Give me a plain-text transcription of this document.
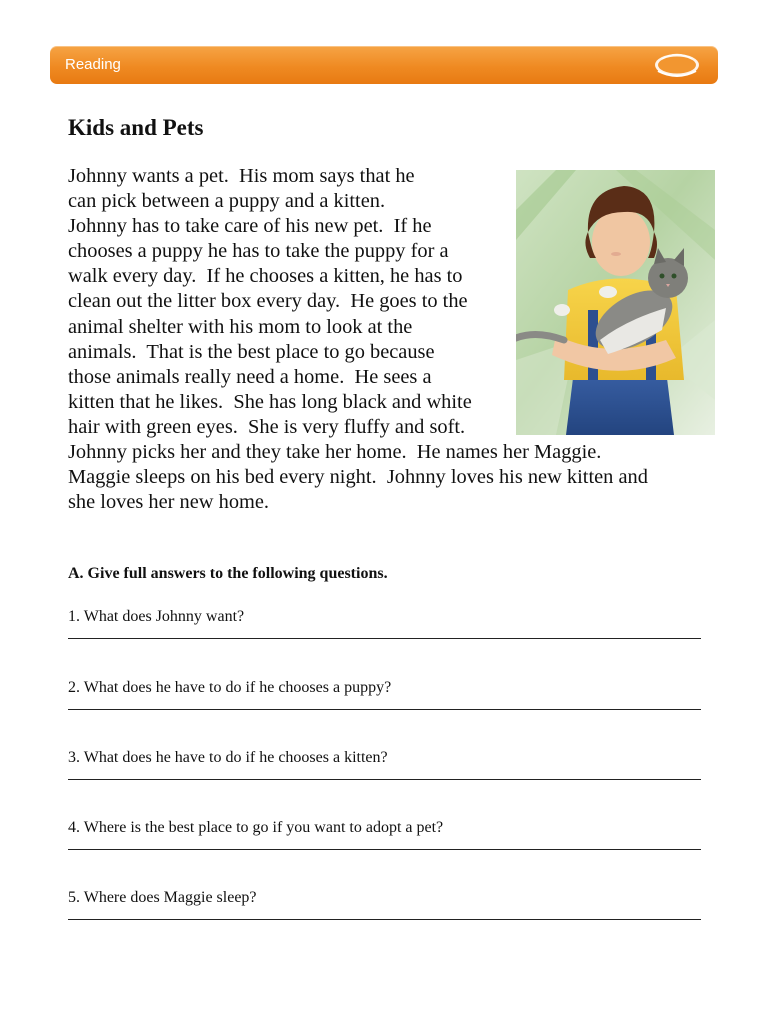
Reading
Kids and Pets
Johnny wants a pet.  His mom says that he
can pick between a puppy and a kitten.
Johnny has to take care of his new pet.  If he
chooses a puppy he has to take the puppy for a
walk every day.  If he chooses a kitten, he has to
clean out the litter box every day.  He goes to the
animal shelter with his mom to look at the
animals.  That is the best place to go because
those animals really need a home.  He sees a
kitten that he likes.  She has long black and white
hair with green eyes.  She is very fluffy and soft.
Johnny picks her and they take her home.  He names her Maggie.
Maggie sleeps on his bed every night.  Johnny loves his new kitten and
she loves her new home.
A. Give full answers to the following questions.
1. What does Johnny want?
2. What does he have to do if he chooses a puppy?
3. What does he have to do if he chooses a kitten?
4. Where is the best place to go if you want to adopt a pet?
5. Where does Maggie sleep?
